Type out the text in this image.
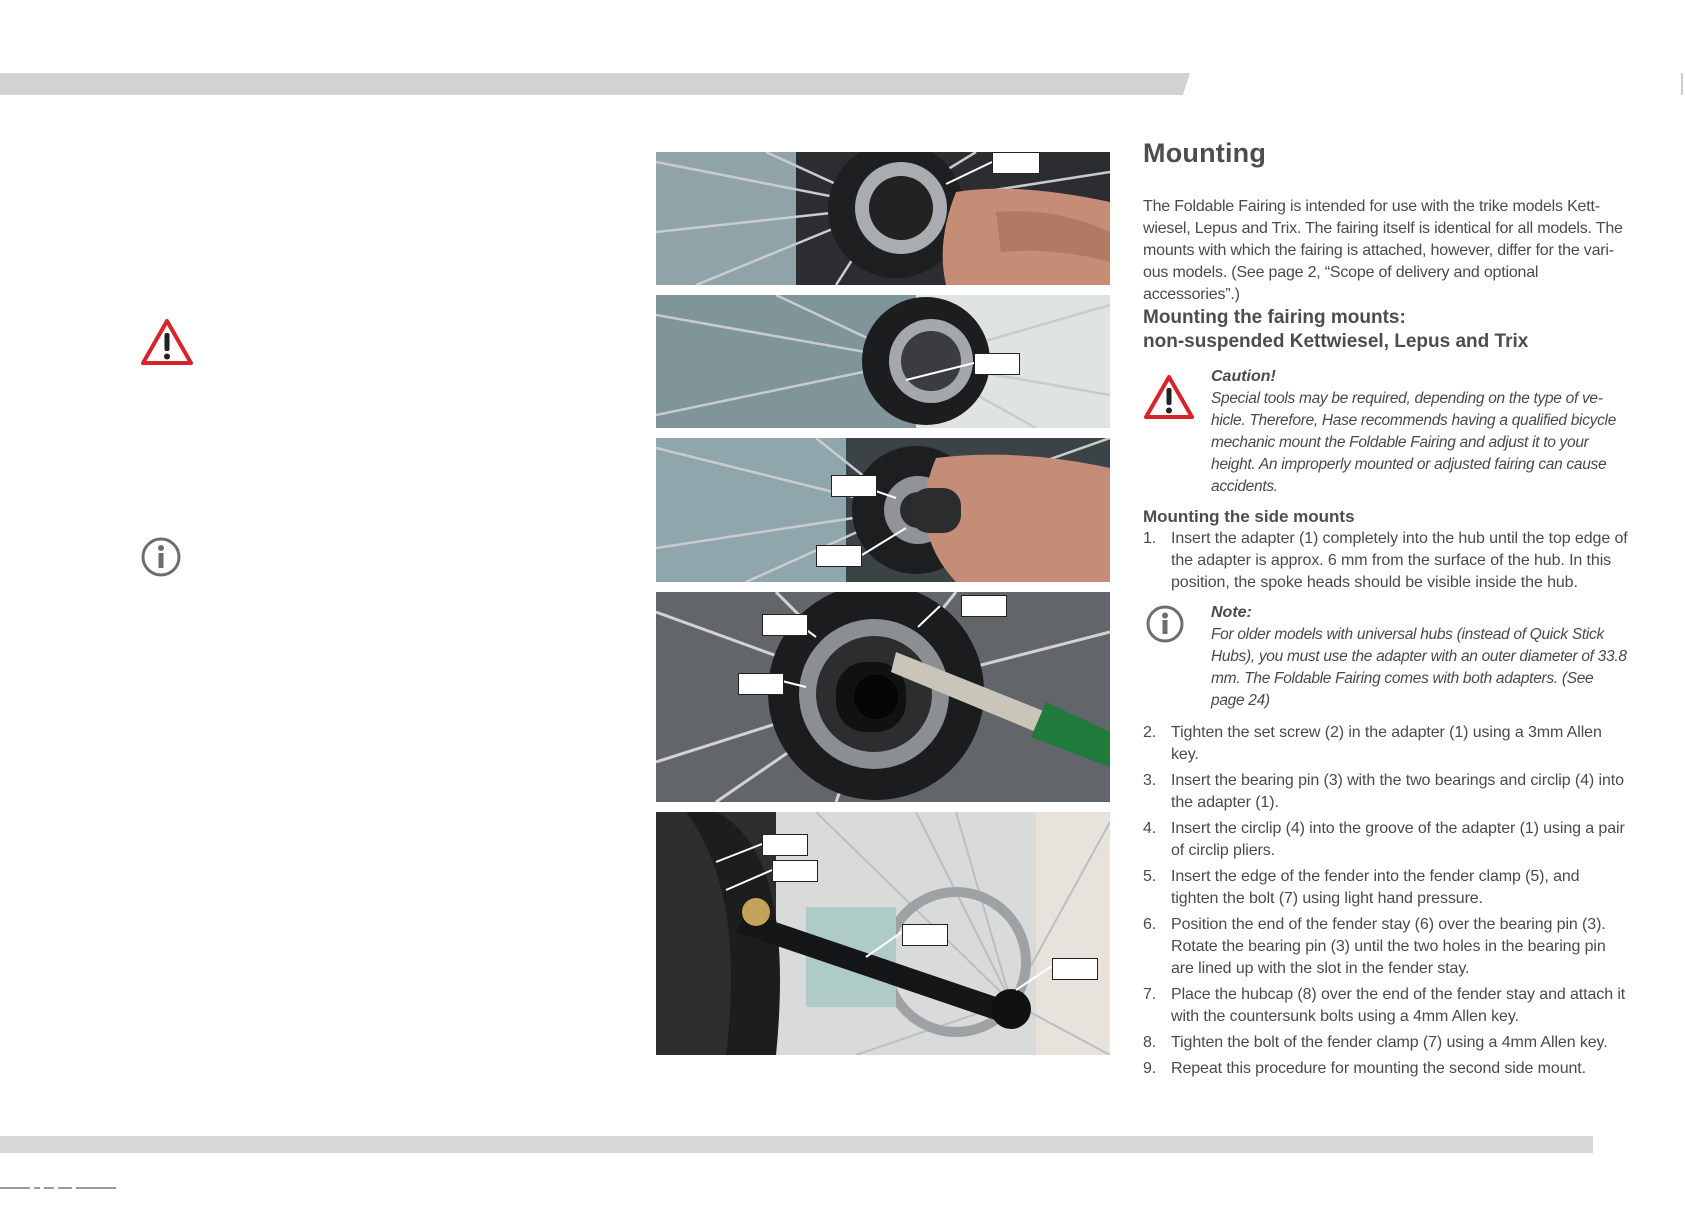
Mounting

The Foldable Fairing is intended for use with the trike models Kettwiesel, Lepus and Trix. The fairing itself is identical for all models. The mounts with which the fairing is attached, however, differ for the various models. (See page 2, “Scope of delivery and optional accessories”.)

Mounting the fairing mounts:
non-suspended Kettwiesel, Lepus and Trix
Caution!
Special tools may be required, depending on the type of vehicle. Therefore, Hase recommends having a qualified bicycle mechanic mount the Foldable Fairing and adjust it to your height. An improperly mounted or adjusted fairing can cause accidents.
Mounting the side mounts
1. Insert the adapter (1) completely into the hub until the top edge of the adapter is approx. 6 mm from the surface of the hub. In this position, the spoke heads should be visible inside the hub.
Note:
For older models with universal hubs (instead of Quick Stick Hubs), you must use the adapter with an outer diameter of 33.8 mm. The Foldable Fairing comes with both adapters. (See page 24)
2. Tighten the set screw (2) in the adapter (1) using a 3mm Allen key.
3. Insert the bearing pin (3) with the two bearings and circlip (4) into the adapter (1).
4. Insert the circlip (4) into the groove of the adapter (1) using a pair of circlip pliers.
5. Insert the edge of the fender into the fender clamp (5), and tighten the bolt (7) using light hand pressure.
6. Position the end of the fender stay (6) over the bearing pin (3). Rotate the bearing pin (3) until the two holes in the bearing pin are lined up with the slot in the fender stay.
7. Place the hubcap (8) over the end of the fender stay and attach it with the countersunk bolts using a 4mm Allen key.
8. Tighten the bolt of the fender clamp (7) using a 4mm Allen key.
9. Repeat this procedure for mounting the second side mount.
